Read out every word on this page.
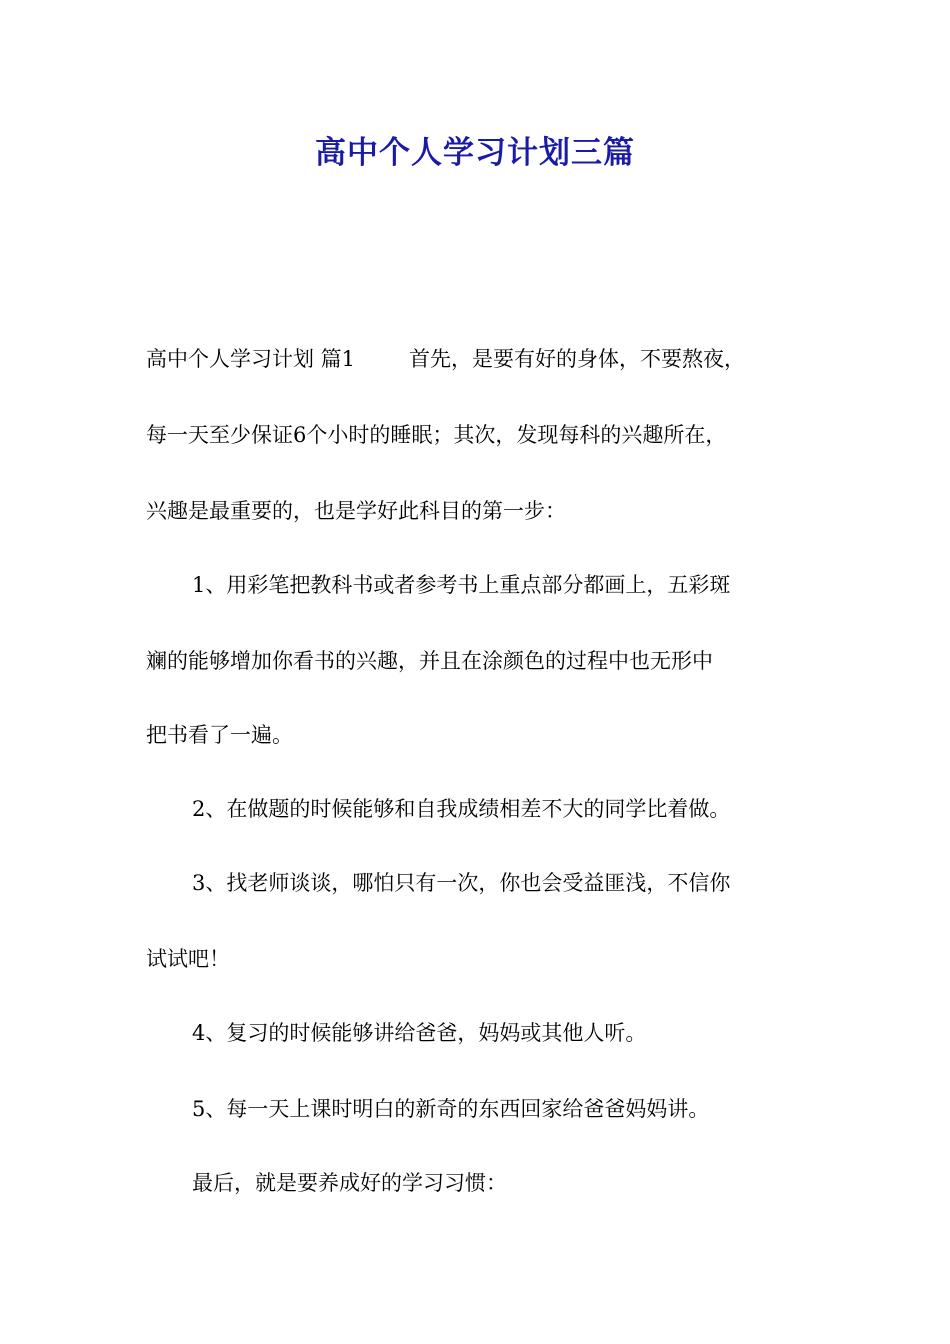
高中个人学习计划三篇

高中个人学习计划 篇1	首先，是要有好的身体，不要熬夜，

每一天至少保证6个小时的睡眠；其次，发现每科的兴趣所在，

兴趣是最重要的，也是学好此科目的第一步：

1、用彩笔把教科书或者参考书上重点部分都画上，五彩斑

斓的能够增加你看书的兴趣，并且在涂颜色的过程中也无形中

把书看了一遍。

2、在做题的时候能够和自我成绩相差不大的同学比着做。

3、找老师谈谈，哪怕只有一次，你也会受益匪浅，不信你

试试吧！

4、复习的时候能够讲给爸爸，妈妈或其他人听。

5、每一天上课时明白的新奇的东西回家给爸爸妈妈讲。

最后，就是要养成好的学习习惯：
